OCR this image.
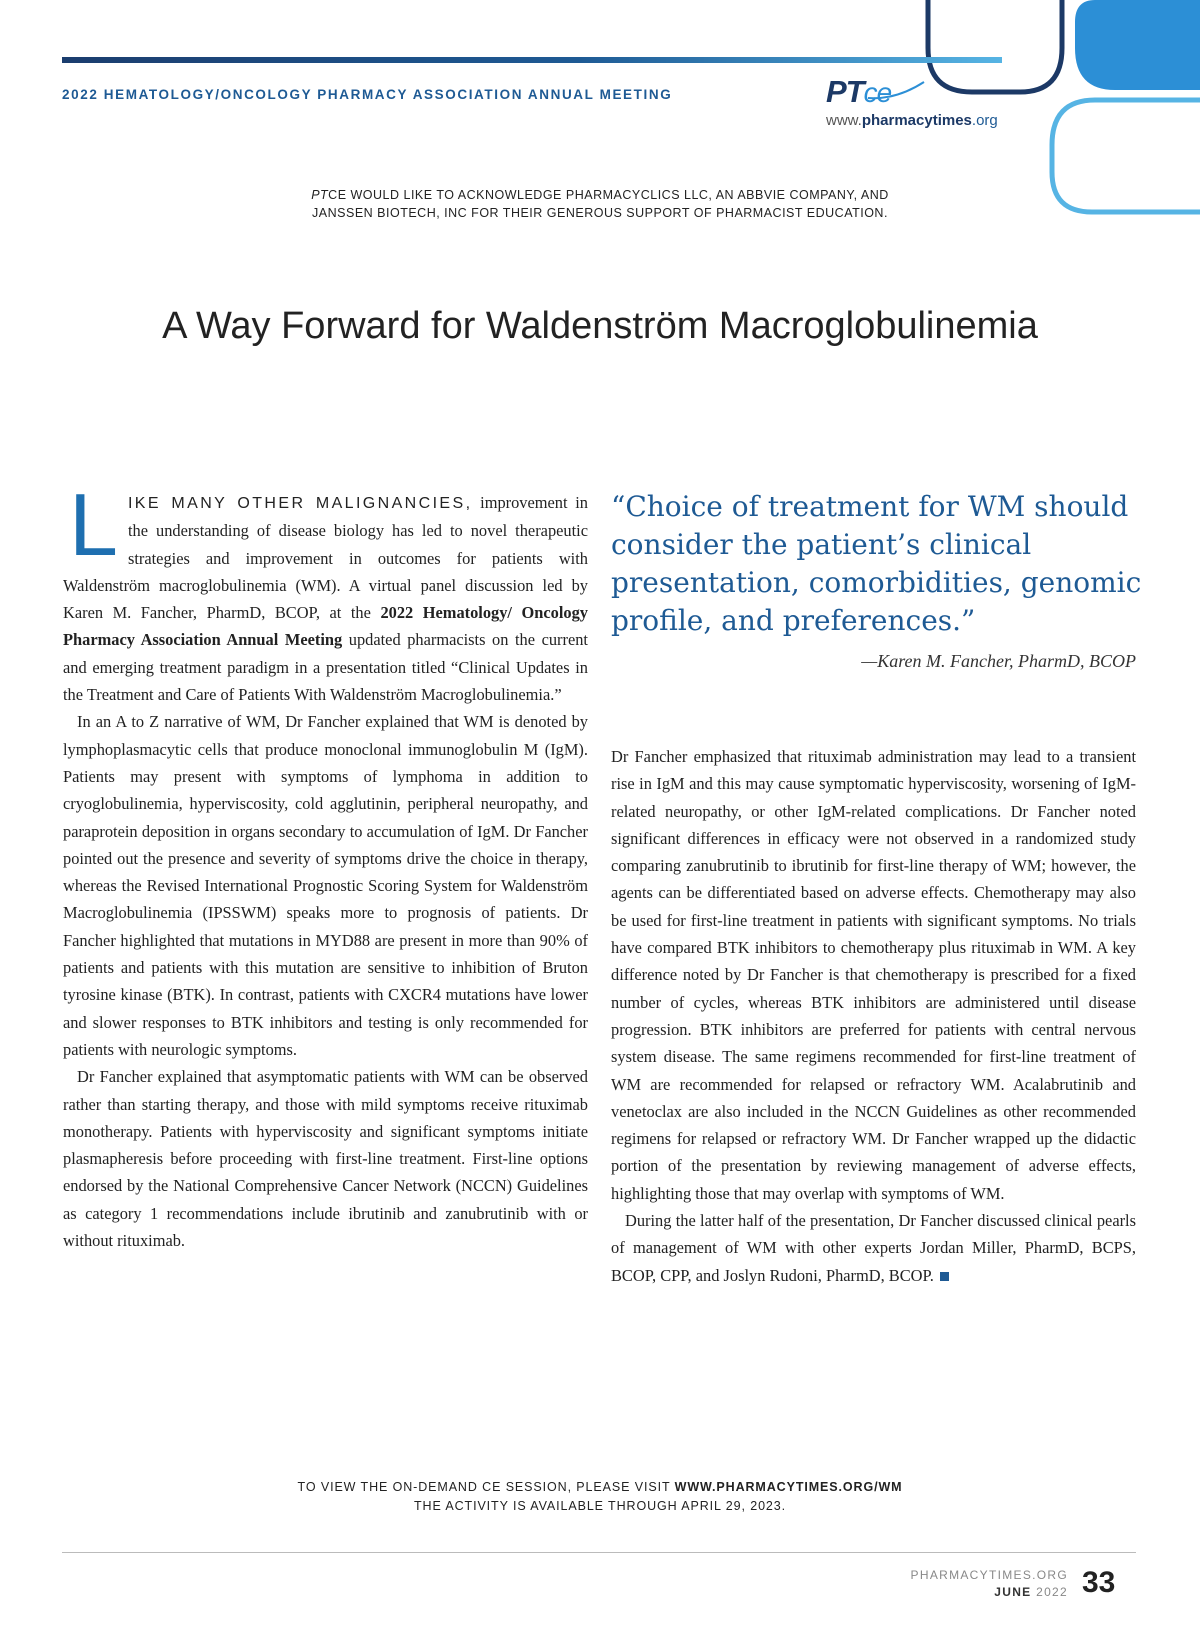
2022 HEMATOLOGY/ONCOLOGY PHARMACY ASSOCIATION ANNUAL MEETING	PTce
www.pharmacytimes.org
PTCE WOULD LIKE TO ACKNOWLEDGE PHARMACYCLICS LLC, AN ABBVIE COMPANY, AND
JANSSEN BIOTECH, INC FOR THEIR GENEROUS SUPPORT OF PHARMACIST EDUCATION.
A Way Forward for Waldenström Macroglobulinemia

LIKE MANY OTHER MALIGNANCIES, improvement in the understanding of disease biology has led to novel therapeutic strategies and improvement in outcomes for patients with Waldenström macroglobulinemia (WM). A virtual panel discussion led by Karen M. Fancher, PharmD, BCOP, at the 2022 Hematology/ Oncology Pharmacy Association Annual Meeting updated pharmacists on the current and emerging treatment paradigm in a presentation titled “Clinical Updates in the Treatment and Care of Patients With Waldenström Macroglobulinemia.”

In an A to Z narrative of WM, Dr Fancher explained that WM is denoted by lymphoplasmacytic cells that produce monoclonal immunoglobulin M (IgM). Patients may present with symptoms of lymphoma in addition to cryoglobulinemia, hyperviscosity, cold agglutinin, peripheral neuropathy, and paraprotein deposition in organs secondary to accumulation of IgM. Dr Fancher pointed out the presence and severity of symptoms drive the choice in therapy, whereas the Revised International Prognostic Scoring System for Waldenström Macroglobulinemia (IPSSWM) speaks more to prognosis of patients. Dr Fancher highlighted that mutations in MYD88 are present in more than 90% of patients and patients with this mutation are sensitive to inhibition of Bruton tyrosine kinase (BTK). In contrast, patients with CXCR4 mutations have lower and slower responses to BTK inhibitors and testing is only recommended for patients with neurologic symptoms.

Dr Fancher explained that asymptomatic patients with WM can be observed rather than starting therapy, and those with mild symptoms receive rituximab monotherapy. Patients with hyperviscosity and significant symptoms initiate plasmapheresis before proceeding with first-line treatment. First-line options endorsed by the National Comprehensive Cancer Network (NCCN) Guidelines as category 1 recommendations include ibrutinib and zanubrutinib with or without rituximab.

“Choice of treatment for WM should consider the patient’s clinical presentation, comorbidities, genomic profile, and preferences.”
—Karen M. Fancher, PharmD, BCOP

Dr Fancher emphasized that rituximab administration may lead to a transient rise in IgM and this may cause symptomatic hyperviscosity, worsening of IgM-related neuropathy, or other IgM-related complications. Dr Fancher noted significant differences in efficacy were not observed in a randomized study comparing zanubrutinib to ibrutinib for first-line therapy of WM; however, the agents can be differentiated based on adverse effects. Chemotherapy may also be used for first-line treatment in patients with significant symptoms. No trials have compared BTK inhibitors to chemotherapy plus rituximab in WM. A key difference noted by Dr Fancher is that chemotherapy is prescribed for a fixed number of cycles, whereas BTK inhibitors are administered until disease progression. BTK inhibitors are preferred for patients with central nervous system disease. The same regimens recommended for first-line treatment of WM are recommended for relapsed or refractory WM. Acalabrutinib and venetoclax are also included in the NCCN Guidelines as other recommended regimens for relapsed or refractory WM. Dr Fancher wrapped up the didactic portion of the presentation by reviewing management of adverse effects, highlighting those that may overlap with symptoms of WM.

During the latter half of the presentation, Dr Fancher discussed clinical pearls of management of WM with other experts Jordan Miller, PharmD, BCPS, BCOP, CPP, and Joslyn Rudoni, PharmD, BCOP.

TO VIEW THE ON-DEMAND CE SESSION, PLEASE VISIT WWW.PHARMACYTIMES.ORG/WM
THE ACTIVITY IS AVAILABLE THROUGH APRIL 29, 2023.
PHARMACYTIMES.ORG
JUNE 2022 33
